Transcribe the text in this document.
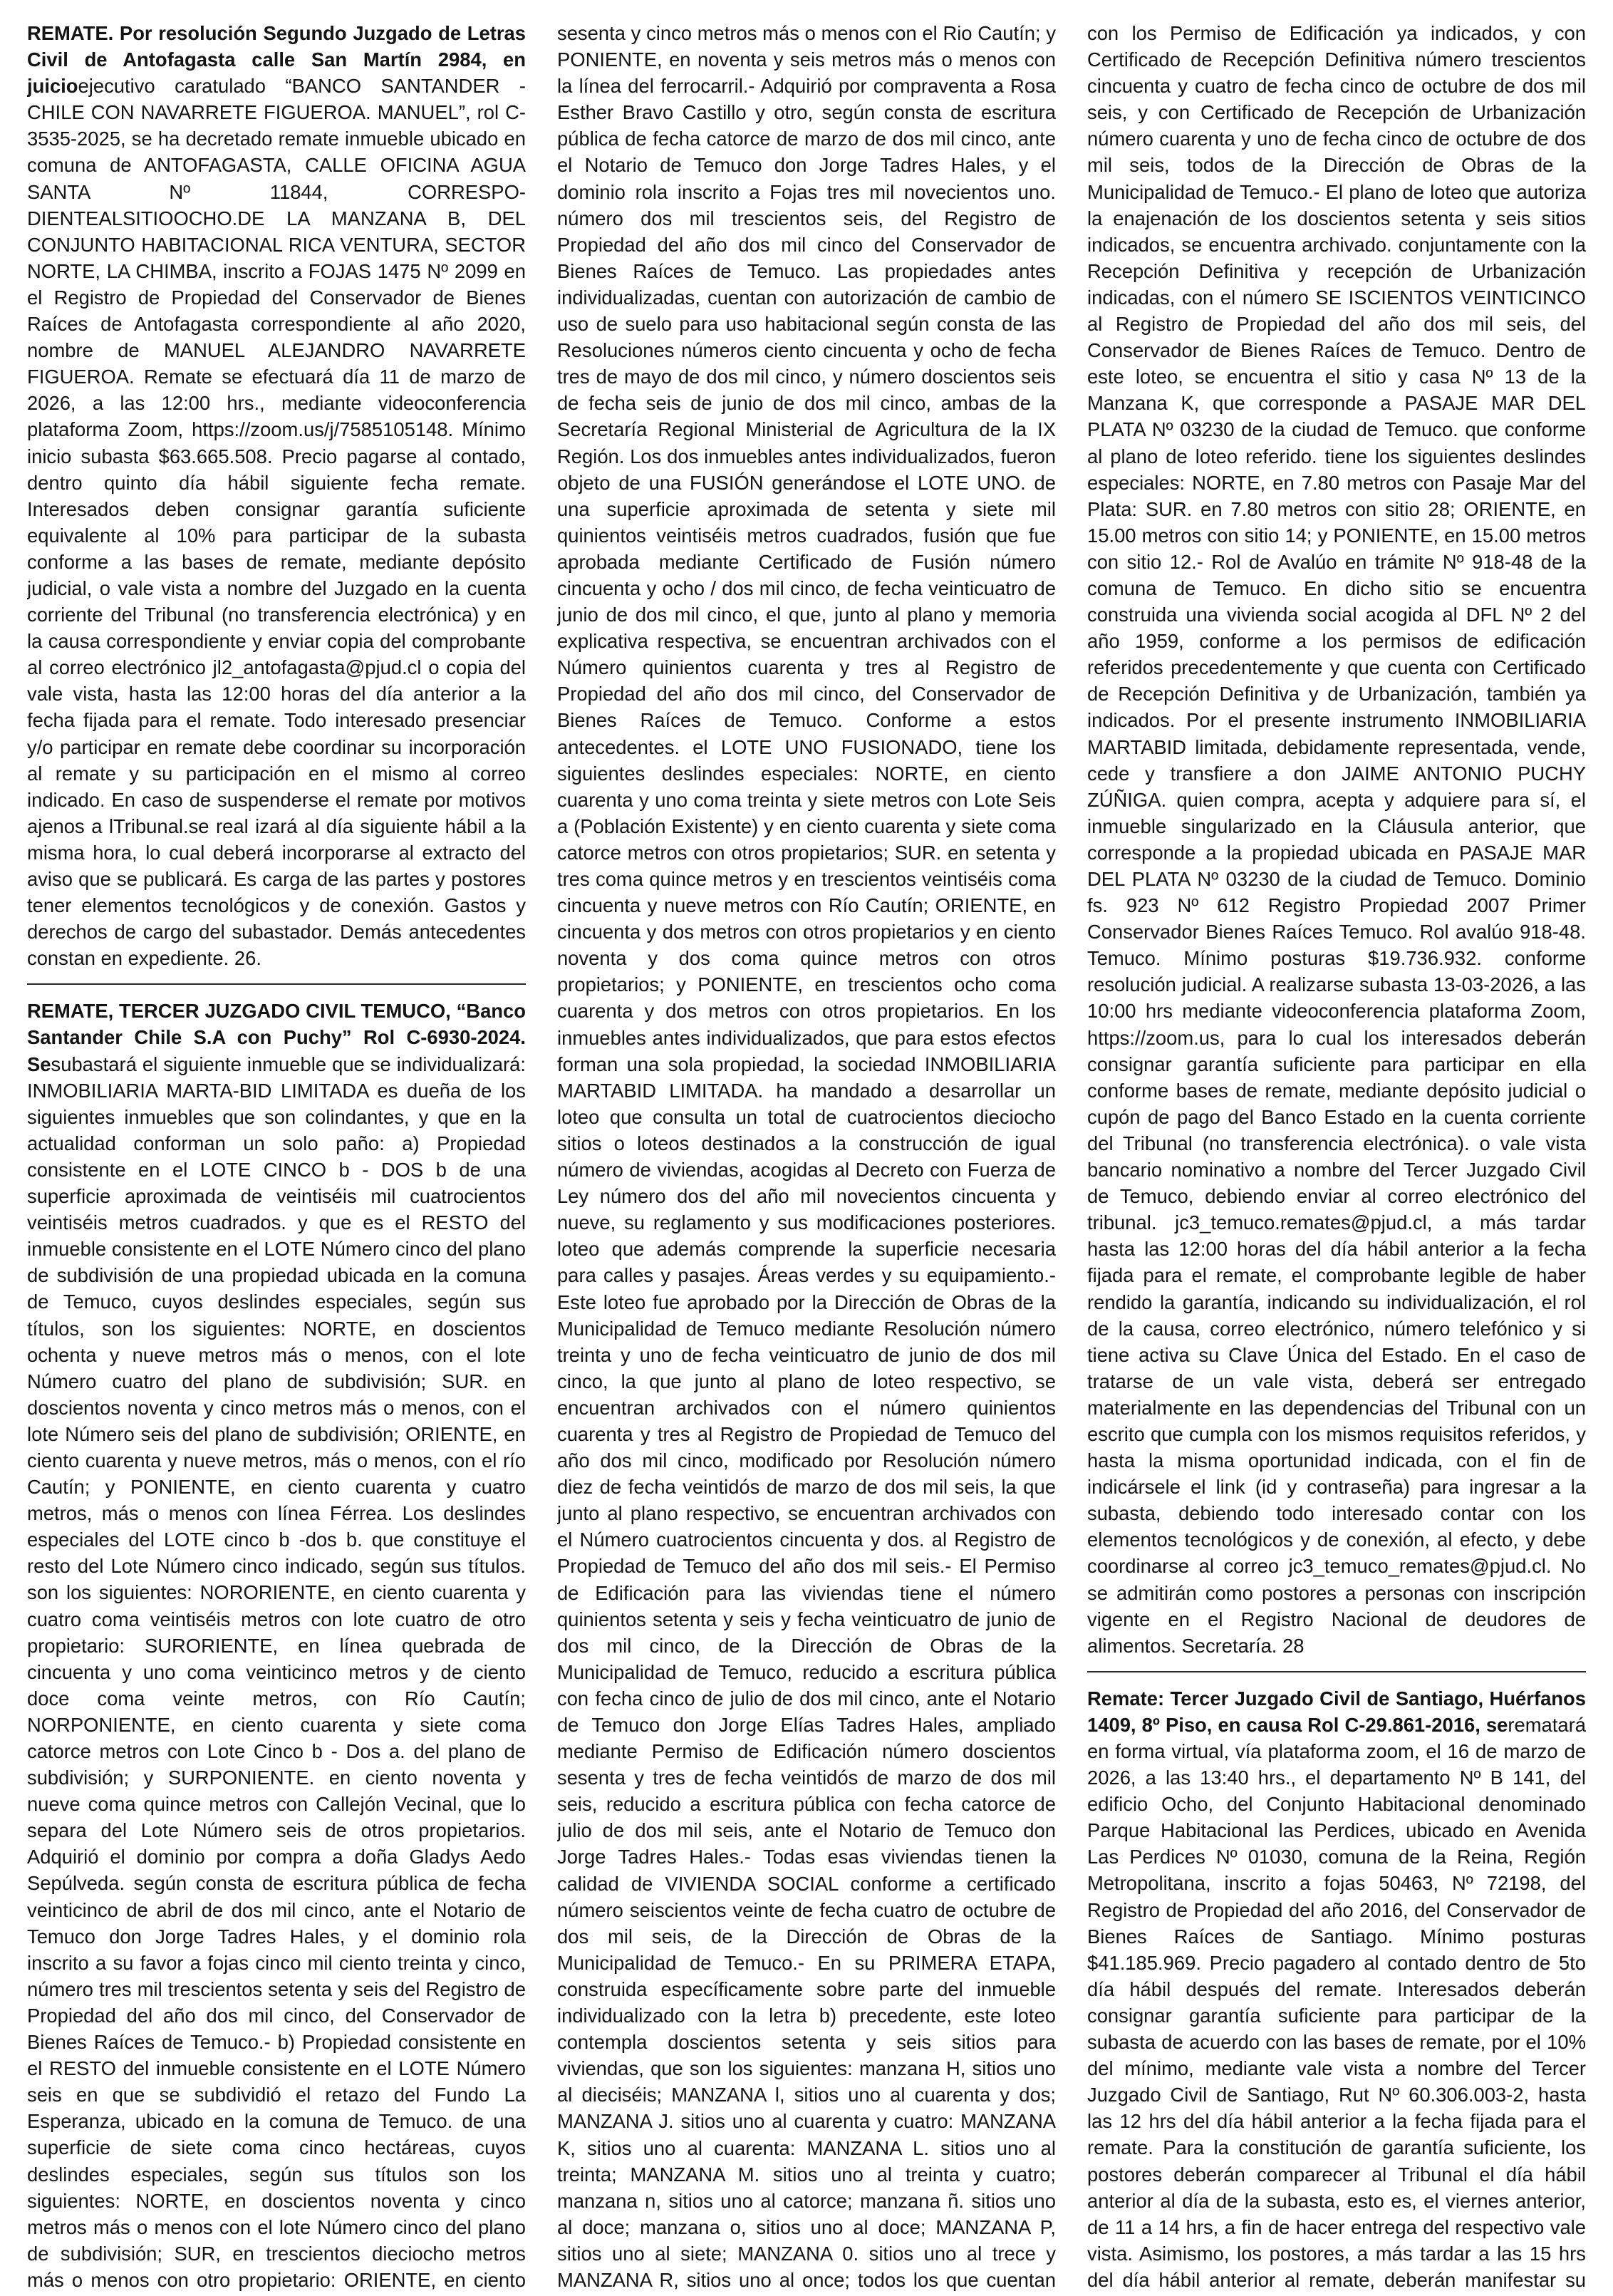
REMATE. Por resolución Segundo Juzgado de Letras Civil de Antofagasta calle San Martín 2984, en juicioejecutivo caratulado “BANCO SANTANDER - CHILE CON NAVARRETE FIGUEROA. MANUEL”, rol C-3535-2025, se ha decretado remate inmueble ubicado en comuna de ANTOFAGASTA, CALLE OFICINA AGUA SANTA Nº 11844, CORRESPO-DIENTEALSITIOOCHO.DE LA MANZANA B, DEL CONJUNTO HABITACIONAL RICA VENTURA, SECTOR NORTE, LA CHIMBA, inscrito a FOJAS 1475 Nº 2099 en el Registro de Propiedad del Conservador de Bienes Raíces de Antofagasta correspondiente al año 2020, nombre de MANUEL ALEJANDRO NAVARRETE FIGUEROA. Remate se efectuará día 11 de marzo de 2026, a las 12:00 hrs., mediante videoconferencia plataforma Zoom, https://zoom.us/j/7585105148. Mínimo inicio subasta $63.665.508. Precio pagarse al contado, dentro quinto día hábil siguiente fecha remate. Interesados deben consignar garantía suficiente equivalente al 10% para participar de la subasta conforme a las bases de remate, mediante depósito judicial, o vale vista a nombre del Juzgado en la cuenta corriente del Tribunal (no transferencia electrónica) y en la causa correspondiente y enviar copia del comprobante al correo electrónico jl2_antofagasta@pjud.cl o copia del vale vista, hasta las 12:00 horas del día anterior a la fecha fijada para el remate. Todo interesado presenciar y/o participar en remate debe coordinar su incorporación al remate y su participación en el mismo al correo indicado. En caso de suspenderse el remate por motivos ajenos a lTribunal.se real izará al día siguiente hábil a la misma hora, lo cual deberá incorporarse al extracto del aviso que se publicará. Es carga de las partes y postores tener elementos tecnológicos y de conexión. Gastos y derechos de cargo del subastador. Demás antecedentes constan en expediente. 26.

REMATE, TERCER JUZGADO CIVIL TEMUCO, “Banco Santander Chile S.A con Puchy” Rol C-6930-2024. Sesubastará el siguiente inmueble que se individualizará: INMOBILIARIA MARTA-BID LIMITADA es dueña de los siguientes inmuebles que son colindantes, y que en la actualidad conforman un solo paño: a) Propiedad consistente en el LOTE CINCO b - DOS b de una superficie aproximada de veintiséis mil cuatrocientos veintiséis metros cuadrados. y que es el RESTO del inmueble consistente en el LOTE Número cinco del plano de subdivisión de una propiedad ubicada en la comuna de Temuco, cuyos deslindes especiales, según sus títulos, son los siguientes: NORTE, en doscientos ochenta y nueve metros más o menos, con el lote Número cuatro del plano de subdivisión; SUR. en doscientos noventa y cinco metros más o menos, con el lote Número seis del plano de subdivisión; ORIENTE, en ciento cuarenta y nueve metros, más o menos, con el río Cautín; y PONIENTE, en ciento cuarenta y cuatro metros, más o menos con línea Férrea. Los deslindes especiales del LOTE cinco b -dos b. que constituye el resto del Lote Número cinco indicado, según sus títulos. son los siguientes: NORORIENTE, en ciento cuarenta y cuatro coma veintiséis metros con lote cuatro de otro propietario: SURORIENTE, en línea quebrada de cincuenta y uno coma veinticinco metros y de ciento doce coma veinte metros, con Río Cautín; NORPONIENTE, en ciento cuarenta y siete coma catorce metros con Lote Cinco b - Dos a. del plano de subdivisión; y SURPONIENTE. en ciento noventa y nueve coma quince metros con Callejón Vecinal, que lo separa del Lote Número seis de otros propietarios. Adquirió el dominio por compra a doña Gladys Aedo Sepúlveda. según consta de escritura pública de fecha veinticinco de abril de dos mil cinco, ante el Notario de Temuco don Jorge Tadres Hales, y el dominio rola inscrito a su favor a fojas cinco mil ciento treinta y cinco, número tres mil trescientos setenta y seis del Registro de Propiedad del año dos mil cinco, del Conservador de Bienes Raíces de Temuco.- b) Propiedad consistente en el RESTO del inmueble consistente en el LOTE Número seis en que se subdividió el retazo del Fundo La Esperanza, ubicado en la comuna de Temuco. de una superficie de siete coma cinco hectáreas, cuyos deslindes especiales, según sus títulos son los siguientes: NORTE, en doscientos noventa y cinco metros más o menos con el lote Número cinco del plano de subdivisión; SUR, en trescientos dieciocho metros más o menos con otro propietario: ORIENTE, en ciento

sesenta y cinco metros más o menos con el Rio Cautín; y PONIENTE, en noventa y seis metros más o menos con la línea del ferrocarril.- Adquirió por compraventa a Rosa Esther Bravo Castillo y otro, según consta de escritura pública de fecha catorce de marzo de dos mil cinco, ante el Notario de Temuco don Jorge Tadres Hales, y el dominio rola inscrito a Fojas tres mil novecientos uno. número dos mil trescientos seis, del Registro de Propiedad del año dos mil cinco del Conservador de Bienes Raíces de Temuco. Las propiedades antes individualizadas, cuentan con autorización de cambio de uso de suelo para uso habitacional según consta de las Resoluciones números ciento cincuenta y ocho de fecha tres de mayo de dos mil cinco, y número doscientos seis de fecha seis de junio de dos mil cinco, ambas de la Secretaría Regional Ministerial de Agricultura de la IX Región. Los dos inmuebles antes individualizados, fueron objeto de una FUSIÓN generándose el LOTE UNO. de una superficie aproximada de setenta y siete mil quinientos veintiséis metros cuadrados, fusión que fue aprobada mediante Certificado de Fusión número cincuenta y ocho / dos mil cinco, de fecha veinticuatro de junio de dos mil cinco, el que, junto al plano y memoria explicativa respectiva, se encuentran archivados con el Número quinientos cuarenta y tres al Registro de Propiedad del año dos mil cinco, del Conservador de Bienes Raíces de Temuco. Conforme a estos antecedentes. el LOTE UNO FUSIONADO, tiene los siguientes deslindes especiales: NORTE, en ciento cuarenta y uno coma treinta y siete metros con Lote Seis a (Población Existente) y en ciento cuarenta y siete coma catorce metros con otros propietarios; SUR. en setenta y tres coma quince metros y en trescientos veintiséis coma cincuenta y nueve metros con Río Cautín; ORIENTE, en cincuenta y dos metros con otros propietarios y en ciento noventa y dos coma quince metros con otros propietarios; y PONIENTE, en trescientos ocho coma cuarenta y dos metros con otros propietarios. En los inmuebles antes individualizados, que para estos efectos forman una sola propiedad, la sociedad INMOBILIARIA MARTABID LIMITADA. ha mandado a desarrollar un loteo que consulta un total de cuatrocientos dieciocho sitios o loteos destinados a la construcción de igual número de viviendas, acogidas al Decreto con Fuerza de Ley número dos del año mil novecientos cincuenta y nueve, su reglamento y sus modificaciones posteriores. loteo que además comprende la superficie necesaria para calles y pasajes. Áreas verdes y su equipamiento.- Este loteo fue aprobado por la Dirección de Obras de la Municipalidad de Temuco mediante Resolución número treinta y uno de fecha veinticuatro de junio de dos mil cinco, la que junto al plano de loteo respectivo, se encuentran archivados con el número quinientos cuarenta y tres al Registro de Propiedad de Temuco del año dos mil cinco, modificado por Resolución número diez de fecha veintidós de marzo de dos mil seis, la que junto al plano respectivo, se encuentran archivados con el Número cuatrocientos cincuenta y dos. al Registro de Propiedad de Temuco del año dos mil seis.- El Permiso de Edificación para las viviendas tiene el número quinientos setenta y seis y fecha veinticuatro de junio de dos mil cinco, de la Dirección de Obras de la Municipalidad de Temuco, reducido a escritura pública con fecha cinco de julio de dos mil cinco, ante el Notario de Temuco don Jorge Elías Tadres Hales, ampliado mediante Permiso de Edificación número doscientos sesenta y tres de fecha veintidós de marzo de dos mil seis, reducido a escritura pública con fecha catorce de julio de dos mil seis, ante el Notario de Temuco don Jorge Tadres Hales.- Todas esas viviendas tienen la calidad de VIVIENDA SOCIAL conforme a certificado número seiscientos veinte de fecha cuatro de octubre de dos mil seis, de la Dirección de Obras de la Municipalidad de Temuco.- En su PRIMERA ETAPA, construida específicamente sobre parte del inmueble individualizado con la letra b) precedente, este loteo contempla doscientos setenta y seis sitios para viviendas, que son los siguientes: manzana H, sitios uno al dieciséis; MANZANA l, sitios uno al cuarenta y dos; MANZANA J. sitios uno al cuarenta y cuatro: MANZANA K, sitios uno al cuarenta: MANZANA L. sitios uno al treinta; MANZANA M. sitios uno al treinta y cuatro; manzana n, sitios uno al catorce; manzana ñ. sitios uno al doce; manzana o, sitios uno al doce; MANZANA P, sitios uno al siete; MANZANA 0. sitios uno al trece y MANZANA R, sitios uno al once; todos los que cuentan

con los Permiso de Edificación ya indicados, y con Certificado de Recepción Definitiva número trescientos cincuenta y cuatro de fecha cinco de octubre de dos mil seis, y con Certificado de Recepción de Urbanización número cuarenta y uno de fecha cinco de octubre de dos mil seis, todos de la Dirección de Obras de la Municipalidad de Temuco.- El plano de loteo que autoriza la enajenación de los doscientos setenta y seis sitios indicados, se encuentra archivado. conjuntamente con la Recepción Definitiva y recepción de Urbanización indicadas, con el número SE ISCIENTOS VEINTICINCO al Registro de Propiedad del año dos mil seis, del Conservador de Bienes Raíces de Temuco. Dentro de este loteo, se encuentra el sitio y casa Nº 13 de la Manzana K, que corresponde a PASAJE MAR DEL PLATA Nº 03230 de la ciudad de Temuco. que conforme al plano de loteo referido. tiene los siguientes deslindes especiales: NORTE, en 7.80 metros con Pasaje Mar del Plata: SUR. en 7.80 metros con sitio 28; ORIENTE, en 15.00 metros con sitio 14; y PONIENTE, en 15.00 metros con sitio 12.- Rol de Avalúo en trámite Nº 918-48 de la comuna de Temuco. En dicho sitio se encuentra construida una vivienda social acogida al DFL Nº 2 del año 1959, conforme a los permisos de edificación referidos precedentemente y que cuenta con Certificado de Recepción Definitiva y de Urbanización, también ya indicados. Por el presente instrumento INMOBILIARIA MARTABID limitada, debidamente representada, vende, cede y transfiere a don JAIME ANTONIO PUCHY ZÚÑIGA. quien compra, acepta y adquiere para sí, el inmueble singularizado en la Cláusula anterior, que corresponde a la propiedad ubicada en PASAJE MAR DEL PLATA Nº 03230 de la ciudad de Temuco. Dominio fs. 923 Nº 612 Registro Propiedad 2007 Primer Conservador Bienes Raíces Temuco. Rol avalúo 918-48. Temuco. Mínimo posturas $19.736.932. conforme resolución judicial. A realizarse subasta 13-03-2026, a las 10:00 hrs mediante videoconferencia plataforma Zoom, https://zoom.us, para lo cual los interesados deberán consignar garantía suficiente para participar en ella conforme bases de remate, mediante depósito judicial o cupón de pago del Banco Estado en la cuenta corriente del Tribunal (no transferencia electrónica). o vale vista bancario nominativo a nombre del Tercer Juzgado Civil de Temuco, debiendo enviar al correo electrónico del tribunal. jc3_temuco.remates@pjud.cl, a más tardar hasta las 12:00 horas del día hábil anterior a la fecha fijada para el remate, el comprobante legible de haber rendido la garantía, indicando su individualización, el rol de la causa, correo electrónico, número telefónico y si tiene activa su Clave Única del Estado. En el caso de tratarse de un vale vista, deberá ser entregado materialmente en las dependencias del Tribunal con un escrito que cumpla con los mismos requisitos referidos, y hasta la misma oportunidad indicada, con el fin de indicársele el link (id y contraseña) para ingresar a la subasta, debiendo todo interesado contar con los elementos tecnológicos y de conexión, al efecto, y debe coordinarse al correo jc3_temuco_remates@pjud.cl. No se admitirán como postores a personas con inscripción vigente en el Registro Nacional de deudores de alimentos. Secretaría. 28

Remate: Tercer Juzgado Civil de Santiago, Huérfanos 1409, 8º Piso, en causa Rol C-29.861-2016, serematará en forma virtual, vía plataforma zoom, el 16 de marzo de 2026, a las 13:40 hrs., el departamento Nº B 141, del edificio Ocho, del Conjunto Habitacional denominado Parque Habitacional las Perdices, ubicado en Avenida Las Perdices Nº 01030, comuna de la Reina, Región Metropolitana, inscrito a fojas 50463, Nº 72198, del Registro de Propiedad del año 2016, del Conservador de Bienes Raíces de Santiago. Mínimo posturas $41.185.969. Precio pagadero al contado dentro de 5to día hábil después del remate. Interesados deberán consignar garantía suficiente para participar de la subasta de acuerdo con las bases de remate, por el 10% del mínimo, mediante vale vista a nombre del Tercer Juzgado Civil de Santiago, Rut Nº 60.306.003-2, hasta las 12 hrs del día hábil anterior a la fecha fijada para el remate. Para la constitución de garantía suficiente, los postores deberán comparecer al Tribunal el día hábil anterior al día de la subasta, esto es, el viernes anterior, de 11 a 14 hrs, a fin de hacer entrega del respectivo vale vista. Asimismo, los postores, a más tardar a las 15 hrs del día hábil anterior al remate, deberán manifestar su
